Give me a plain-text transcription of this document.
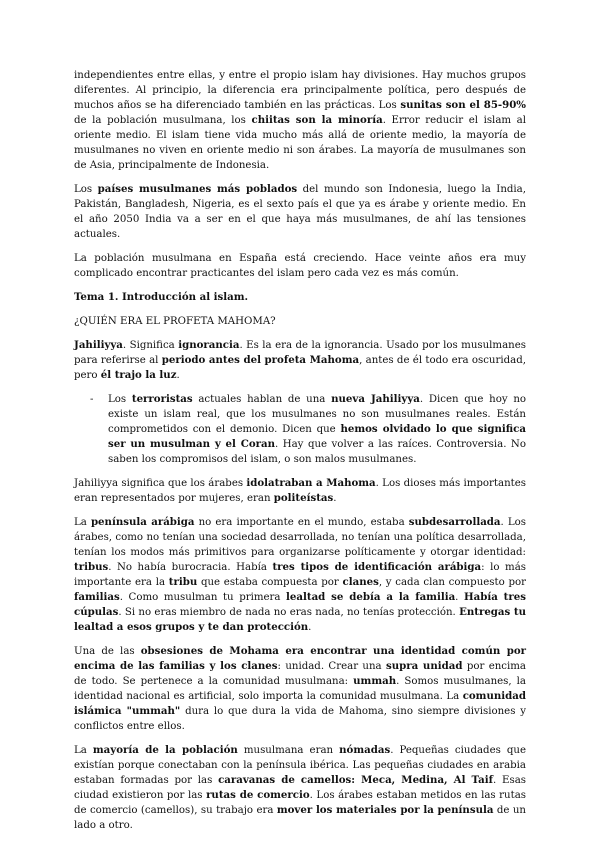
independientes entre ellas, y entre el propio islam hay divisiones. Hay muchos grupos diferentes. Al principio, la diferencia era principalmente política, pero después de muchos años se ha diferenciado también en las prácticas. Los sunitas son el 85-90% de la población musulmana, los chiitas son la minoría. Error reducir el islam al oriente medio. El islam tiene vida mucho más allá de oriente medio, la mayoría de musulmanes no viven en oriente medio ni son árabes. La mayoría de musulmanes son de Asia, principalmente de Indonesia.

Los países musulmanes más poblados del mundo son Indonesia, luego la India, Pakistán, Bangladesh, Nigeria, es el sexto país el que ya es árabe y oriente medio. En el año 2050 India va a ser en el que haya más musulmanes, de ahí las tensiones actuales.

La población musulmana en España está creciendo. Hace veinte años era muy complicado encontrar practicantes del islam pero cada vez es más común.

Tema 1. Introducción al islam.

¿QUIÉN ERA EL PROFETA MAHOMA?

Jahiliyya. Significa ignorancia. Es la era de la ignorancia. Usado por los musulmanes para referirse al periodo antes del profeta Mahoma, antes de él todo era oscuridad, pero él trajo la luz.

- Los terroristas actuales hablan de una nueva Jahiliyya. Dicen que hoy no existe un islam real, que los musulmanes no son musulmanes reales. Están comprometidos con el demonio. Dicen que hemos olvidado lo que significa ser un musulman y el Coran. Hay que volver a las raíces. Controversia. No saben los compromisos del islam, o son malos musulmanes.

Jahiliyya significa que los árabes idolatraban a Mahoma. Los dioses más importantes eran representados por mujeres, eran politeístas.

La península arábiga no era importante en el mundo, estaba subdesarrollada. Los árabes, como no tenían una sociedad desarrollada, no tenían una política desarrollada, tenían los modos más primitivos para organizarse políticamente y otorgar identidad: tribus. No había burocracia. Había tres tipos de identificación arábiga: lo más importante era la tribu que estaba compuesta por clanes, y cada clan compuesto por familias. Como musulman tu primera lealtad se debía a la familia. Había tres cúpulas. Si no eras miembro de nada no eras nada, no tenías protección. Entregas tu lealtad a esos grupos y te dan protección.

Una de las obsesiones de Mohama era encontrar una identidad común por encima de las familias y los clanes: unidad. Crear una supra unidad por encima de todo. Se pertenece a la comunidad musulmana: ummah. Somos musulmanes, la identidad nacional es artificial, solo importa la comunidad musulmana. La comunidad islámica "ummah" dura lo que dura la vida de Mahoma, sino siempre divisiones y conflictos entre ellos.

La mayoría de la población musulmana eran nómadas. Pequeñas ciudades que existían porque conectaban con la península ibérica. Las pequeñas ciudades en arabia estaban formadas por las caravanas de camellos: Meca, Medina, Al Taif. Esas ciudad existieron por las rutas de comercio. Los árabes estaban metidos en las rutas de comercio (camellos), su trabajo era mover los materiales por la península de un lado a otro.
